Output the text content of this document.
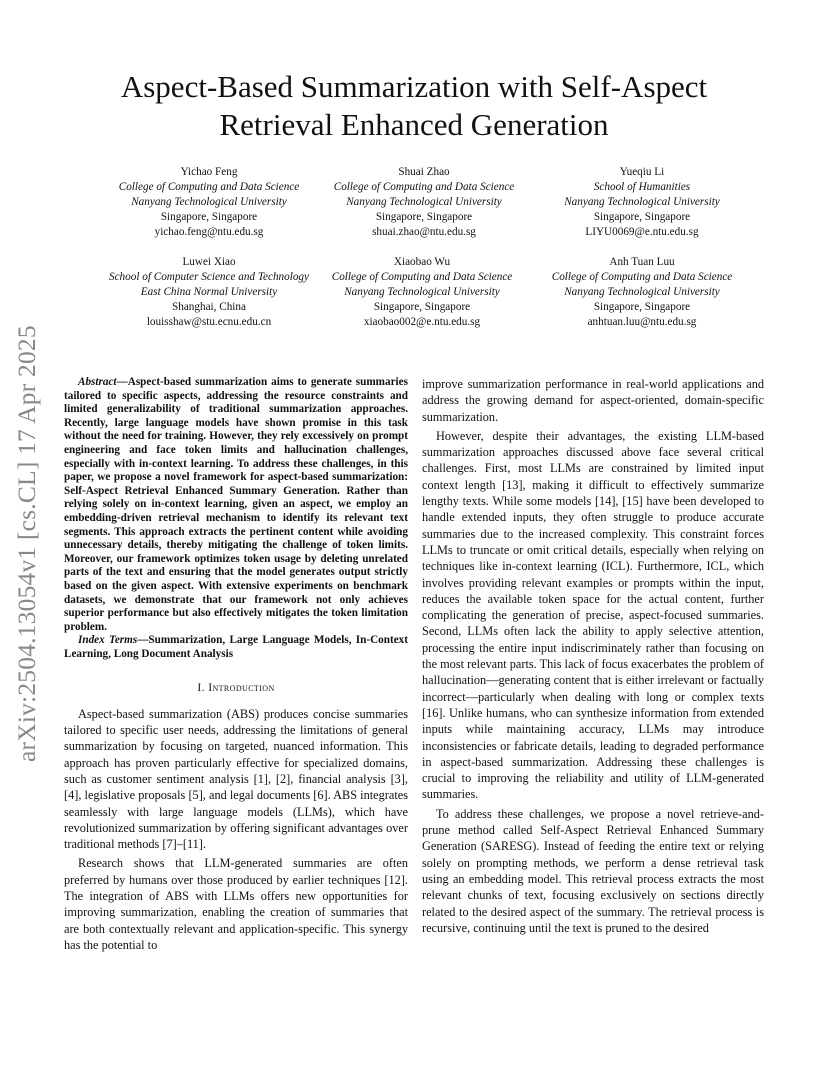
arXiv:2504.13054v1 [cs.CL] 17 Apr 2025
Aspect-Based Summarization with Self-Aspect
Retrieval Enhanced Generation
Yichao Feng
College of Computing and Data Science
Nanyang Technological University
Singapore, Singapore
yichao.feng@ntu.edu.sg
Shuai Zhao
College of Computing and Data Science
Nanyang Technological University
Singapore, Singapore
shuai.zhao@ntu.edu.sg
Yueqiu Li
School of Humanities
Nanyang Technological University
Singapore, Singapore
LIYU0069@e.ntu.edu.sg
Luwei Xiao
School of Computer Science and Technology
East China Normal University
Shanghai, China
louisshaw@stu.ecnu.edu.cn
Xiaobao Wu
College of Computing and Data Science
Nanyang Technological University
Singapore, Singapore
xiaobao002@e.ntu.edu.sg
Anh Tuan Luu
College of Computing and Data Science
Nanyang Technological University
Singapore, Singapore
anhtuan.luu@ntu.edu.sg

Abstract—Aspect-based summarization aims to generate summaries tailored to specific aspects, addressing the resource constraints and limited generalizability of traditional summarization approaches. Recently, large language models have shown promise in this task without the need for training. However, they rely excessively on prompt engineering and face token limits and hallucination challenges, especially with in-context learning. To address these challenges, in this paper, we propose a novel framework for aspect-based summarization: Self-Aspect Retrieval Enhanced Summary Generation. Rather than relying solely on in-context learning, given an aspect, we employ an embedding-driven retrieval mechanism to identify its relevant text segments. This approach extracts the pertinent content while avoiding unnecessary details, thereby mitigating the challenge of token limits. Moreover, our framework optimizes token usage by deleting unrelated parts of the text and ensuring that the model generates output strictly based on the given aspect. With extensive experiments on benchmark datasets, we demonstrate that our framework not only achieves superior performance but also effectively mitigates the token limitation problem.

Index Terms—Summarization, Large Language Models, In-Context Learning, Long Document Analysis

I. Introduction

Aspect-based summarization (ABS) produces concise summaries tailored to specific user needs, addressing the limitations of general summarization by focusing on targeted, nuanced information. This approach has proven particularly effective for specialized domains, such as customer sentiment analysis [1], [2], financial analysis [3], [4], legislative proposals [5], and legal documents [6]. ABS integrates seamlessly with large language models (LLMs), which have revolutionized summarization by offering significant advantages over traditional methods [7]–[11].

Research shows that LLM-generated summaries are often preferred by humans over those produced by earlier techniques [12]. The integration of ABS with LLMs offers new opportunities for improving summarization, enabling the creation of summaries that are both contextually relevant and application-specific. This synergy has the potential to

improve summarization performance in real-world applications and address the growing demand for aspect-oriented, domain-specific summarization.

However, despite their advantages, the existing LLM-based summarization approaches discussed above face several critical challenges. First, most LLMs are constrained by limited input context length [13], making it difficult to effectively summarize lengthy texts. While some models [14], [15] have been developed to handle extended inputs, they often struggle to produce accurate summaries due to the increased complexity. This constraint forces LLMs to truncate or omit critical details, especially when relying on techniques like in-context learning (ICL). Furthermore, ICL, which involves providing relevant examples or prompts within the input, reduces the available token space for the actual content, further complicating the generation of precise, aspect-focused summaries. Second, LLMs often lack the ability to apply selective attention, processing the entire input indiscriminately rather than focusing on the most relevant parts. This lack of focus exacerbates the problem of hallucination—generating content that is either irrelevant or factually incorrect—particularly when dealing with long or complex texts [16]. Unlike humans, who can synthesize information from extended inputs while maintaining accuracy, LLMs may introduce inconsistencies or fabricate details, leading to degraded performance in aspect-based summarization. Addressing these challenges is crucial to improving the reliability and utility of LLM-generated summaries.

To address these challenges, we propose a novel retrieve-and-prune method called Self-Aspect Retrieval Enhanced Summary Generation (SARESG). Instead of feeding the entire text or relying solely on prompting methods, we perform a dense retrieval task using an embedding model. This retrieval process extracts the most relevant chunks of text, focusing exclusively on sections directly related to the desired aspect of the summary. The retrieval process is recursive, continuing until the text is pruned to the desired
